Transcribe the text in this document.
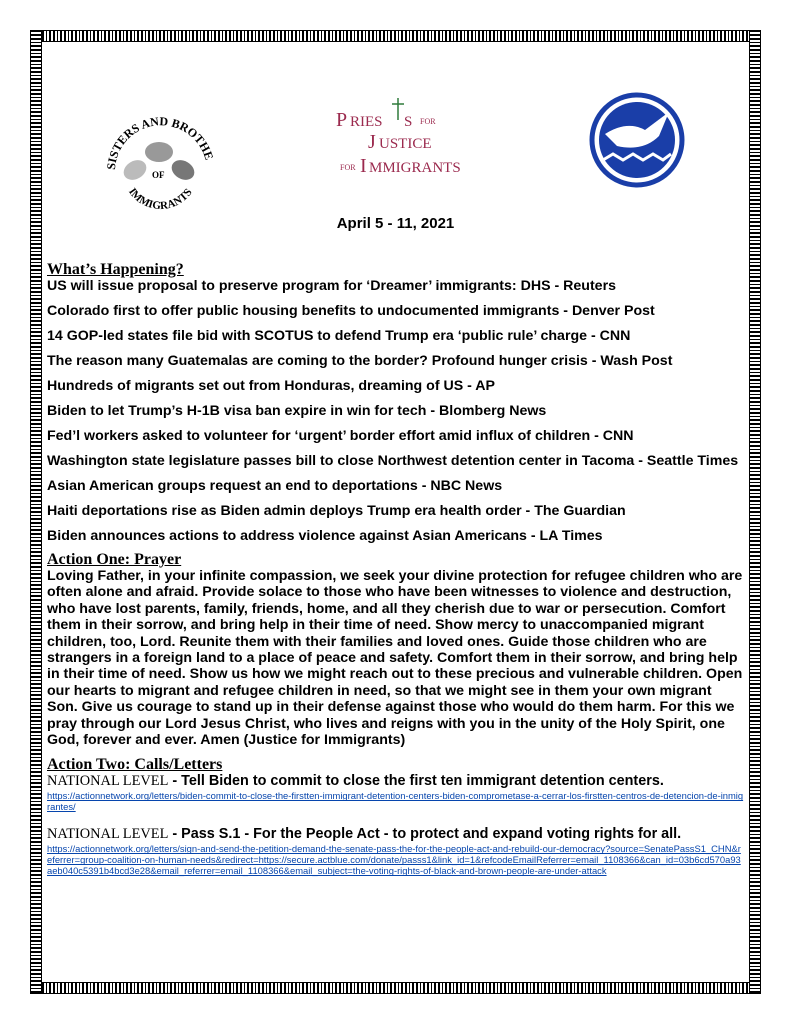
SISTERS AND BROTHE
OF
IMMIGRANTS
P RIES S FOR
J USTICE
FOR I MMIGRANTS
April 5 - 11, 2021
What’s Happening?

US will issue proposal to preserve program for ‘Dreamer’ immigrants: DHS - Reuters

Colorado first to offer public housing benefits to undocumented immigrants - Denver Post

14 GOP-led states file bid with SCOTUS to defend Trump era ‘public rule’ charge - CNN

The reason many Guatemalas are coming to the border? Profound hunger crisis - Wash Post

Hundreds of migrants set out from Honduras, dreaming of US - AP

Biden to let Trump’s H-1B visa ban expire in win for tech - Blomberg News

Fed’l workers asked to volunteer for ‘urgent’ border effort amid influx of children - CNN

Washington state legislature passes bill to close Northwest detention center in Tacoma - Seattle Times

Asian American groups request an end to deportations - NBC News

Haiti deportations rise as Biden admin deploys Trump era health order - The Guardian

Biden announces actions to address violence against Asian Americans - LA Times

Action One: Prayer

Loving Father, in your infinite compassion, we seek your divine protection for refugee children who are often alone and afraid. Provide solace to those who have been witnesses to violence and destruction, who have lost parents, family, friends, home, and all they cherish due to war or persecution. Comfort them in their sorrow, and bring help in their time of need. Show mercy to unaccompanied migrant children, too, Lord. Reunite them with their families and loved ones. Guide those children who are strangers in a foreign land to a place of peace and safety. Comfort them in their sorrow, and bring help in their time of need. Show us how we might reach out to these precious and vulnerable children. Open our hearts to migrant and refugee children in need, so that we might see in them your own migrant Son. Give us courage to stand up in their defense against those who would do them harm. For this we pray through our Lord Jesus Christ, who lives and reigns with you in the unity of the Holy Spirit, one God, forever and ever. Amen (Justice for Immigrants)

Action Two: Calls/Letters

NATIONAL LEVEL - Tell Biden to commit to close the first ten immigrant detention centers.

https://actionnetwork.org/letters/biden-commit-to-close-the-firstten-immigrant-detention-centers-biden-comprometase-a-cerrar-los-firstten-centros-de-detencion-de-inmigrantes/

NATIONAL LEVEL - Pass S.1 - For the People Act - to protect and expand voting rights for all.

https://actionnetwork.org/letters/sign-and-send-the-petition-demand-the-senate-pass-the-for-the-people-act-and-rebuild-our-democracy?source=SenatePassS1_CHN&referrer=group-coalition-on-human-needs&redirect=https://secure.actblue.com/donate/passs1&link_id=1&refcodeEmailReferrer=email_1108366&can_id=03b6cd570a93aeb040c5391b4bcd3e28&email_referrer=email_1108366&email_subject=the-voting-rights-of-black-and-brown-people-are-under-attack
